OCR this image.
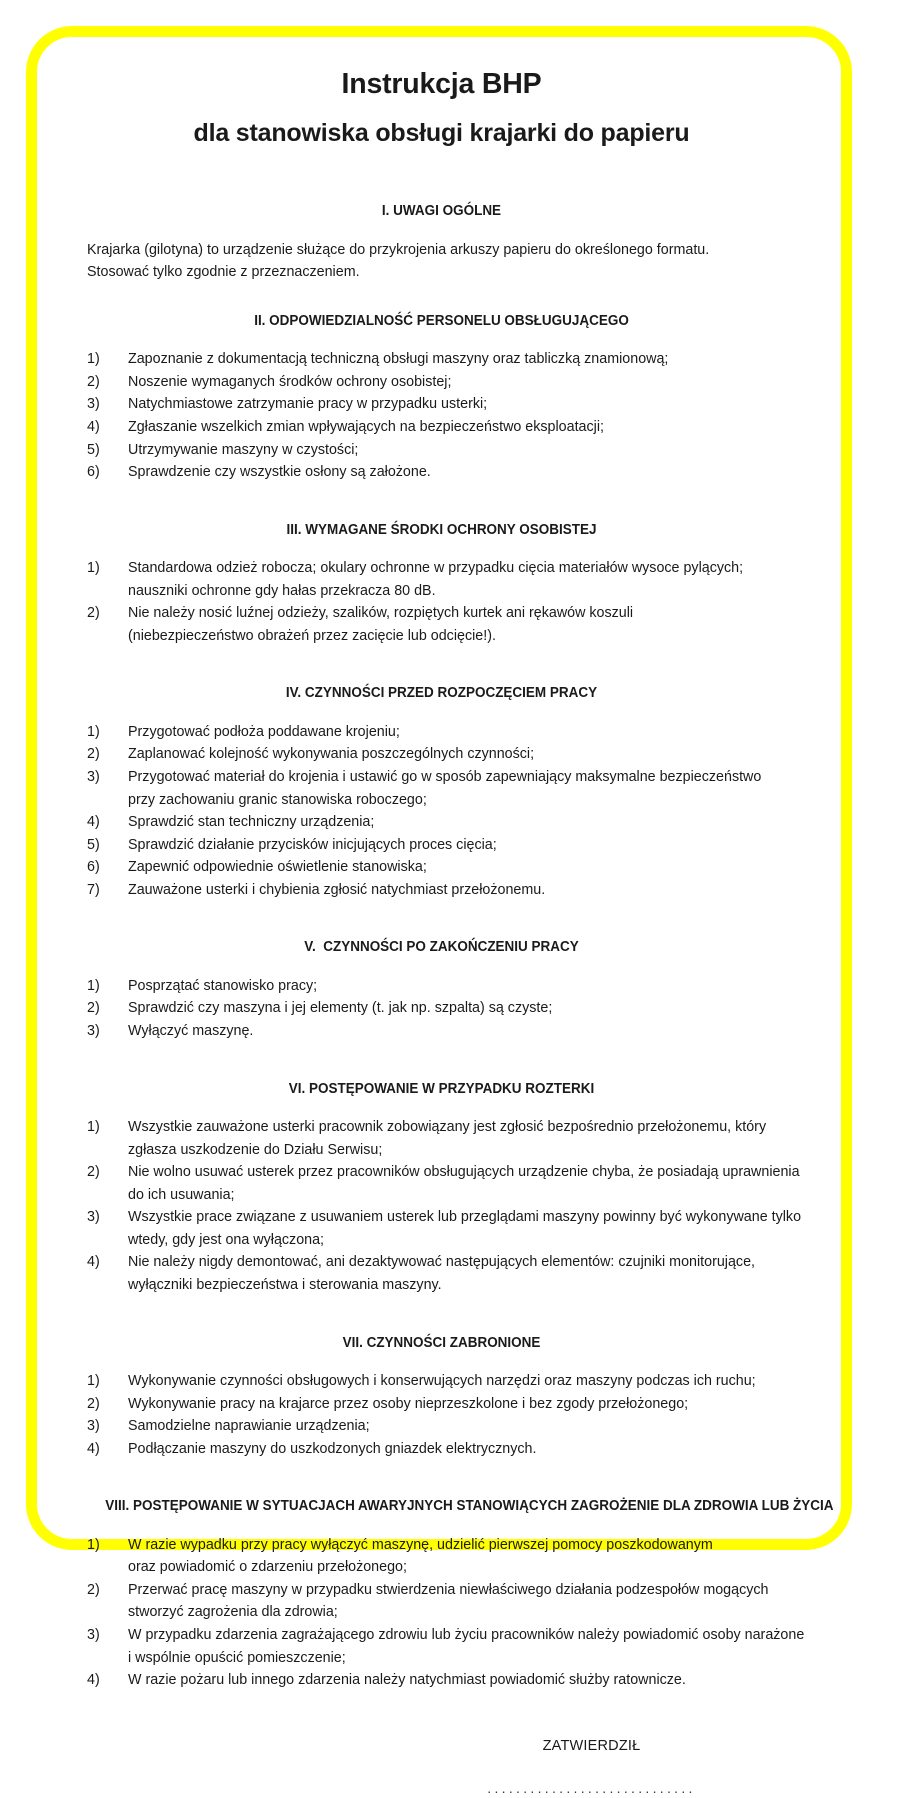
Instrukcja BHP
dla stanowiska obsługi krajarki do papieru
I. UWAGI OGÓLNE
Krajarka (gilotyna) to urządzenie służące do przykrojenia arkuszy papieru do określonego formatu.
Stosować tylko zgodnie z przeznaczeniem.
II. ODPOWIEDZIALNOŚĆ PERSONELU OBSŁUGUJĄCEGO
1)	Zapoznanie z dokumentacją techniczną obsługi maszyny oraz tabliczką znamionową;
2)	Noszenie wymaganych środków ochrony osobistej;
3)	Natychmiastowe zatrzymanie pracy w przypadku usterki;
4)	Zgłaszanie wszelkich zmian wpływających na bezpieczeństwo eksploatacji;
5)	Utrzymywanie maszyny w czystości;
6)	Sprawdzenie czy wszystkie osłony są założone.
III. WYMAGANE ŚRODKI OCHRONY OSOBISTEJ
1)	Standardowa odzież robocza; okulary ochronne w przypadku cięcia materiałów wysoce pylących;
nauszniki ochronne gdy hałas przekracza 80 dB.
2)	Nie należy nosić luźnej odzieży, szalików, rozpiętych kurtek ani rękawów koszuli
(niebezpieczeństwo obrażeń przez zacięcie lub odcięcie!).
IV. CZYNNOŚCI PRZED ROZPOCZĘCIEM PRACY
1)	Przygotować podłoża poddawane krojeniu;
2)	Zaplanować kolejność wykonywania poszczególnych czynności;
3)	Przygotować materiał do krojenia i ustawić go w sposób zapewniający maksymalne bezpieczeństwo
przy zachowaniu granic stanowiska roboczego;
4)	Sprawdzić stan techniczny urządzenia;
5)	Sprawdzić działanie przycisków inicjujących proces cięcia;
6)	Zapewnić odpowiednie oświetlenie stanowiska;
7)	Zauważone usterki i chybienia zgłosić natychmiast przełożonemu.
V.  CZYNNOŚCI PO ZAKOŃCZENIU PRACY
1)	Posprzątać stanowisko pracy;
2)	Sprawdzić czy maszyna i jej elementy (t. jak np. szpalta) są czyste;
3)	Wyłączyć maszynę.
VI. POSTĘPOWANIE W PRZYPADKU ROZTERKI
1)	Wszystkie zauważone usterki pracownik zobowiązany jest zgłosić bezpośrednio przełożonemu, który
zgłasza uszkodzenie do Działu Serwisu;
2)	Nie wolno usuwać usterek przez pracowników obsługujących urządzenie chyba, że posiadają uprawnienia
do ich usuwania;
3)	Wszystkie prace związane z usuwaniem usterek lub przeglądami maszyny powinny być wykonywane tylko
wtedy, gdy jest ona wyłączona;
4)	Nie należy nigdy demontować, ani dezaktywować następujących elementów: czujniki monitorujące,
wyłączniki bezpieczeństwa i sterowania maszyny.
VII. CZYNNOŚCI ZABRONIONE
1)	Wykonywanie czynności obsługowych i konserwujących narzędzi oraz maszyny podczas ich ruchu;
2)	Wykonywanie pracy na krajarce przez osoby nieprzeszkolone i bez zgody przełożonego;
3)	Samodzielne naprawianie urządzenia;
4)	Podłączanie maszyny do uszkodzonych gniazdek elektrycznych.
VIII. POSTĘPOWANIE W SYTUACJACH AWARYJNYCH STANOWIĄCYCH ZAGROŻENIE DLA ZDROWIA LUB ŻYCIA
1)	W razie wypadku przy pracy wyłączyć maszynę, udzielić pierwszej pomocy poszkodowanym
oraz powiadomić o zdarzeniu przełożonego;
2)	Przerwać pracę maszyny w przypadku stwierdzenia niewłaściwego działania podzespołów mogących
stworzyć zagrożenia dla zdrowia;
3)	W przypadku zdarzenia zagrażającego zdrowiu lub życiu pracowników należy powiadomić osoby narażone
i wspólnie opuścić pomieszczenie;
4)	W razie pożaru lub innego zdarzenia należy natychmiast powiadomić służby ratownicze.
ZATWIERDZIŁ
.............................
